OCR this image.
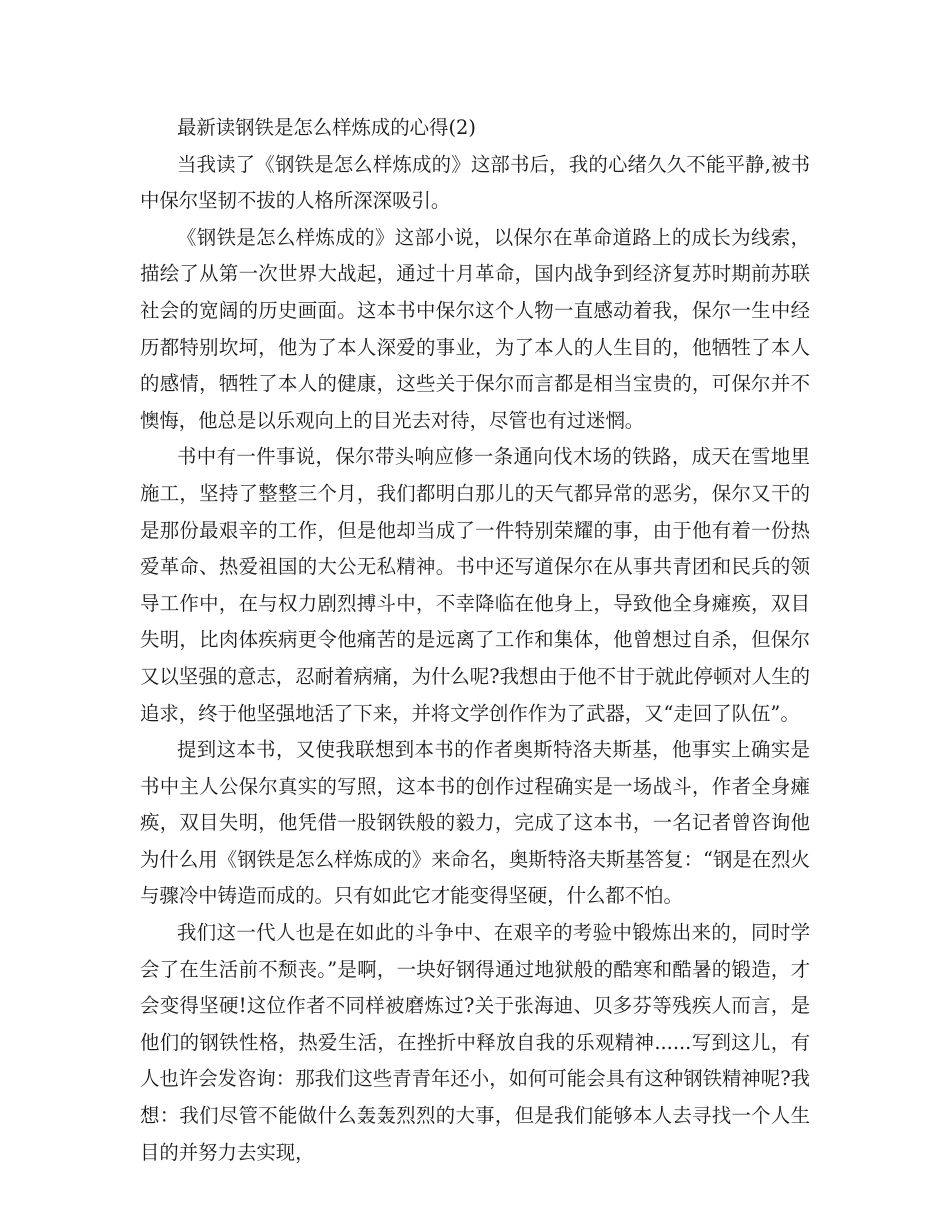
最新读钢铁是怎么样炼成的心得(2)

当我读了《钢铁是怎么样炼成的》这部书后，我的心绪久久不能平静,被书中保尔坚韧不拔的人格所深深吸引。

《钢铁是怎么样炼成的》这部小说，以保尔在革命道路上的成长为线索，描绘了从第一次世界大战起，通过十月革命，国内战争到经济复苏时期前苏联社会的宽阔的历史画面。这本书中保尔这个人物一直感动着我，保尔一生中经历都特别坎坷，他为了本人深爱的事业，为了本人的人生目的，他牺牲了本人的感情，牺牲了本人的健康，这些关于保尔而言都是相当宝贵的，可保尔并不懊悔，他总是以乐观向上的目光去对待，尽管也有过迷惘。

书中有一件事说，保尔带头响应修一条通向伐木场的铁路，成天在雪地里施工，坚持了整整三个月，我们都明白那儿的天气都异常的恶劣，保尔又干的是那份最艰辛的工作，但是他却当成了一件特别荣耀的事，由于他有着一份热爱革命、热爱祖国的大公无私精神。书中还写道保尔在从事共青团和民兵的领导工作中，在与权力剧烈搏斗中，不幸降临在他身上，导致他全身瘫痪，双目失明，比肉体疾病更令他痛苦的是远离了工作和集体，他曾想过自杀，但保尔又以坚强的意志，忍耐着病痛，为什么呢?我想由于他不甘于就此停顿对人生的追求，终于他坚强地活了下来，并将文学创作作为了武器，又“走回了队伍”。

提到这本书，又使我联想到本书的作者奥斯特洛夫斯基，他事实上确实是书中主人公保尔真实的写照，这本书的创作过程确实是一场战斗，作者全身瘫痪，双目失明，他凭借一股钢铁般的毅力，完成了这本书，一名记者曾咨询他为什么用《钢铁是怎么样炼成的》来命名，奥斯特洛夫斯基答复：“钢是在烈火与骤冷中铸造而成的。只有如此它才能变得坚硬，什么都不怕。

我们这一代人也是在如此的斗争中、在艰辛的考验中锻炼出来的，同时学会了在生活前不颓丧。”是啊，一块好钢得通过地狱般的酷寒和酷暑的锻造，才会变得坚硬!这位作者不同样被磨炼过?关于张海迪、贝多芬等残疾人而言，是他们的钢铁性格，热爱生活，在挫折中释放自我的乐观精神......写到这儿，有人也许会发咨询：那我们这些青青年还小，如何可能会具有这种钢铁精神呢?我想：我们尽管不能做什么轰轰烈烈的大事，但是我们能够本人去寻找一个人生目的并努力去实现，
